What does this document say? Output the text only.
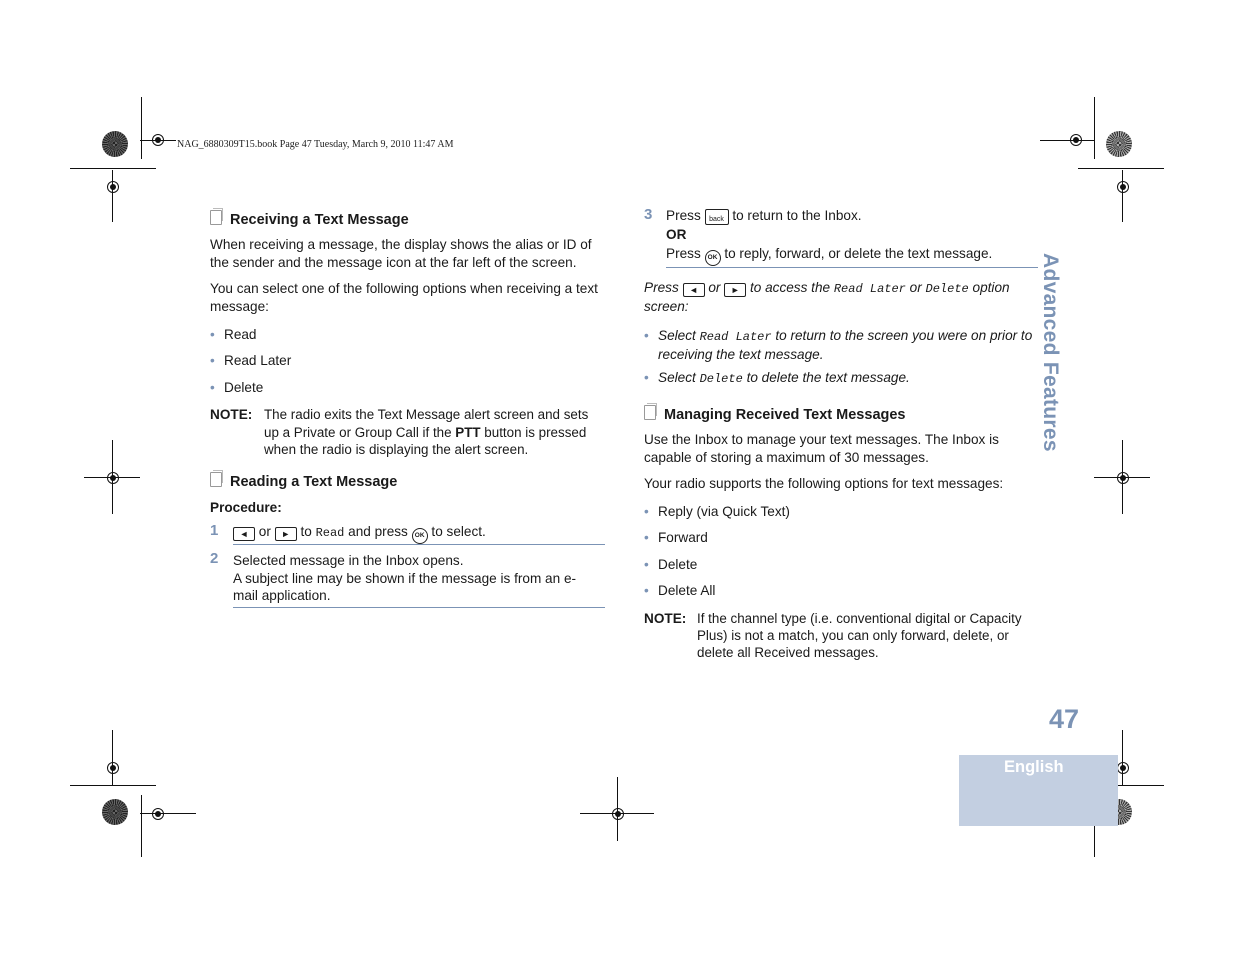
NAG_6880309T15.book Page 47 Tuesday, March 9, 2010 11:47 AM
Receiving a Text Message
When receiving a message, the display shows the alias or ID of the sender and the message icon at the far left of the screen.
You can select one of the following options when receiving a text message:
• Read
• Read Later
• Delete
NOTE: The radio exits the Text Message alert screen and sets up a Private or Group Call if the PTT button is pressed when the radio is displaying the alert screen.
Reading a Text Message
Procedure:
1	◄ or ► to Read and press OK to select.
2 Selected message in the Inbox opens.
A subject line may be shown if the message is from an e-mail application.
3 Press back to return to the Inbox.
OR
Press OK to reply, forward, or delete the text message.
Press ◄ or ► to access the Read Later or Delete option screen:
• Select Read Later to return to the screen you were on prior to receiving the text message.
• Select Delete to delete the text message.
Managing Received Text Messages
Use the Inbox to manage your text messages. The Inbox is capable of storing a maximum of 30 messages.
Your radio supports the following options for text messages:
• Reply (via Quick Text)
• Forward
• Delete
• Delete All
NOTE: If the channel type (i.e. conventional digital or Capacity Plus) is not a match, you can only forward, delete, or delete all Received messages.
Advanced Features
47
English
